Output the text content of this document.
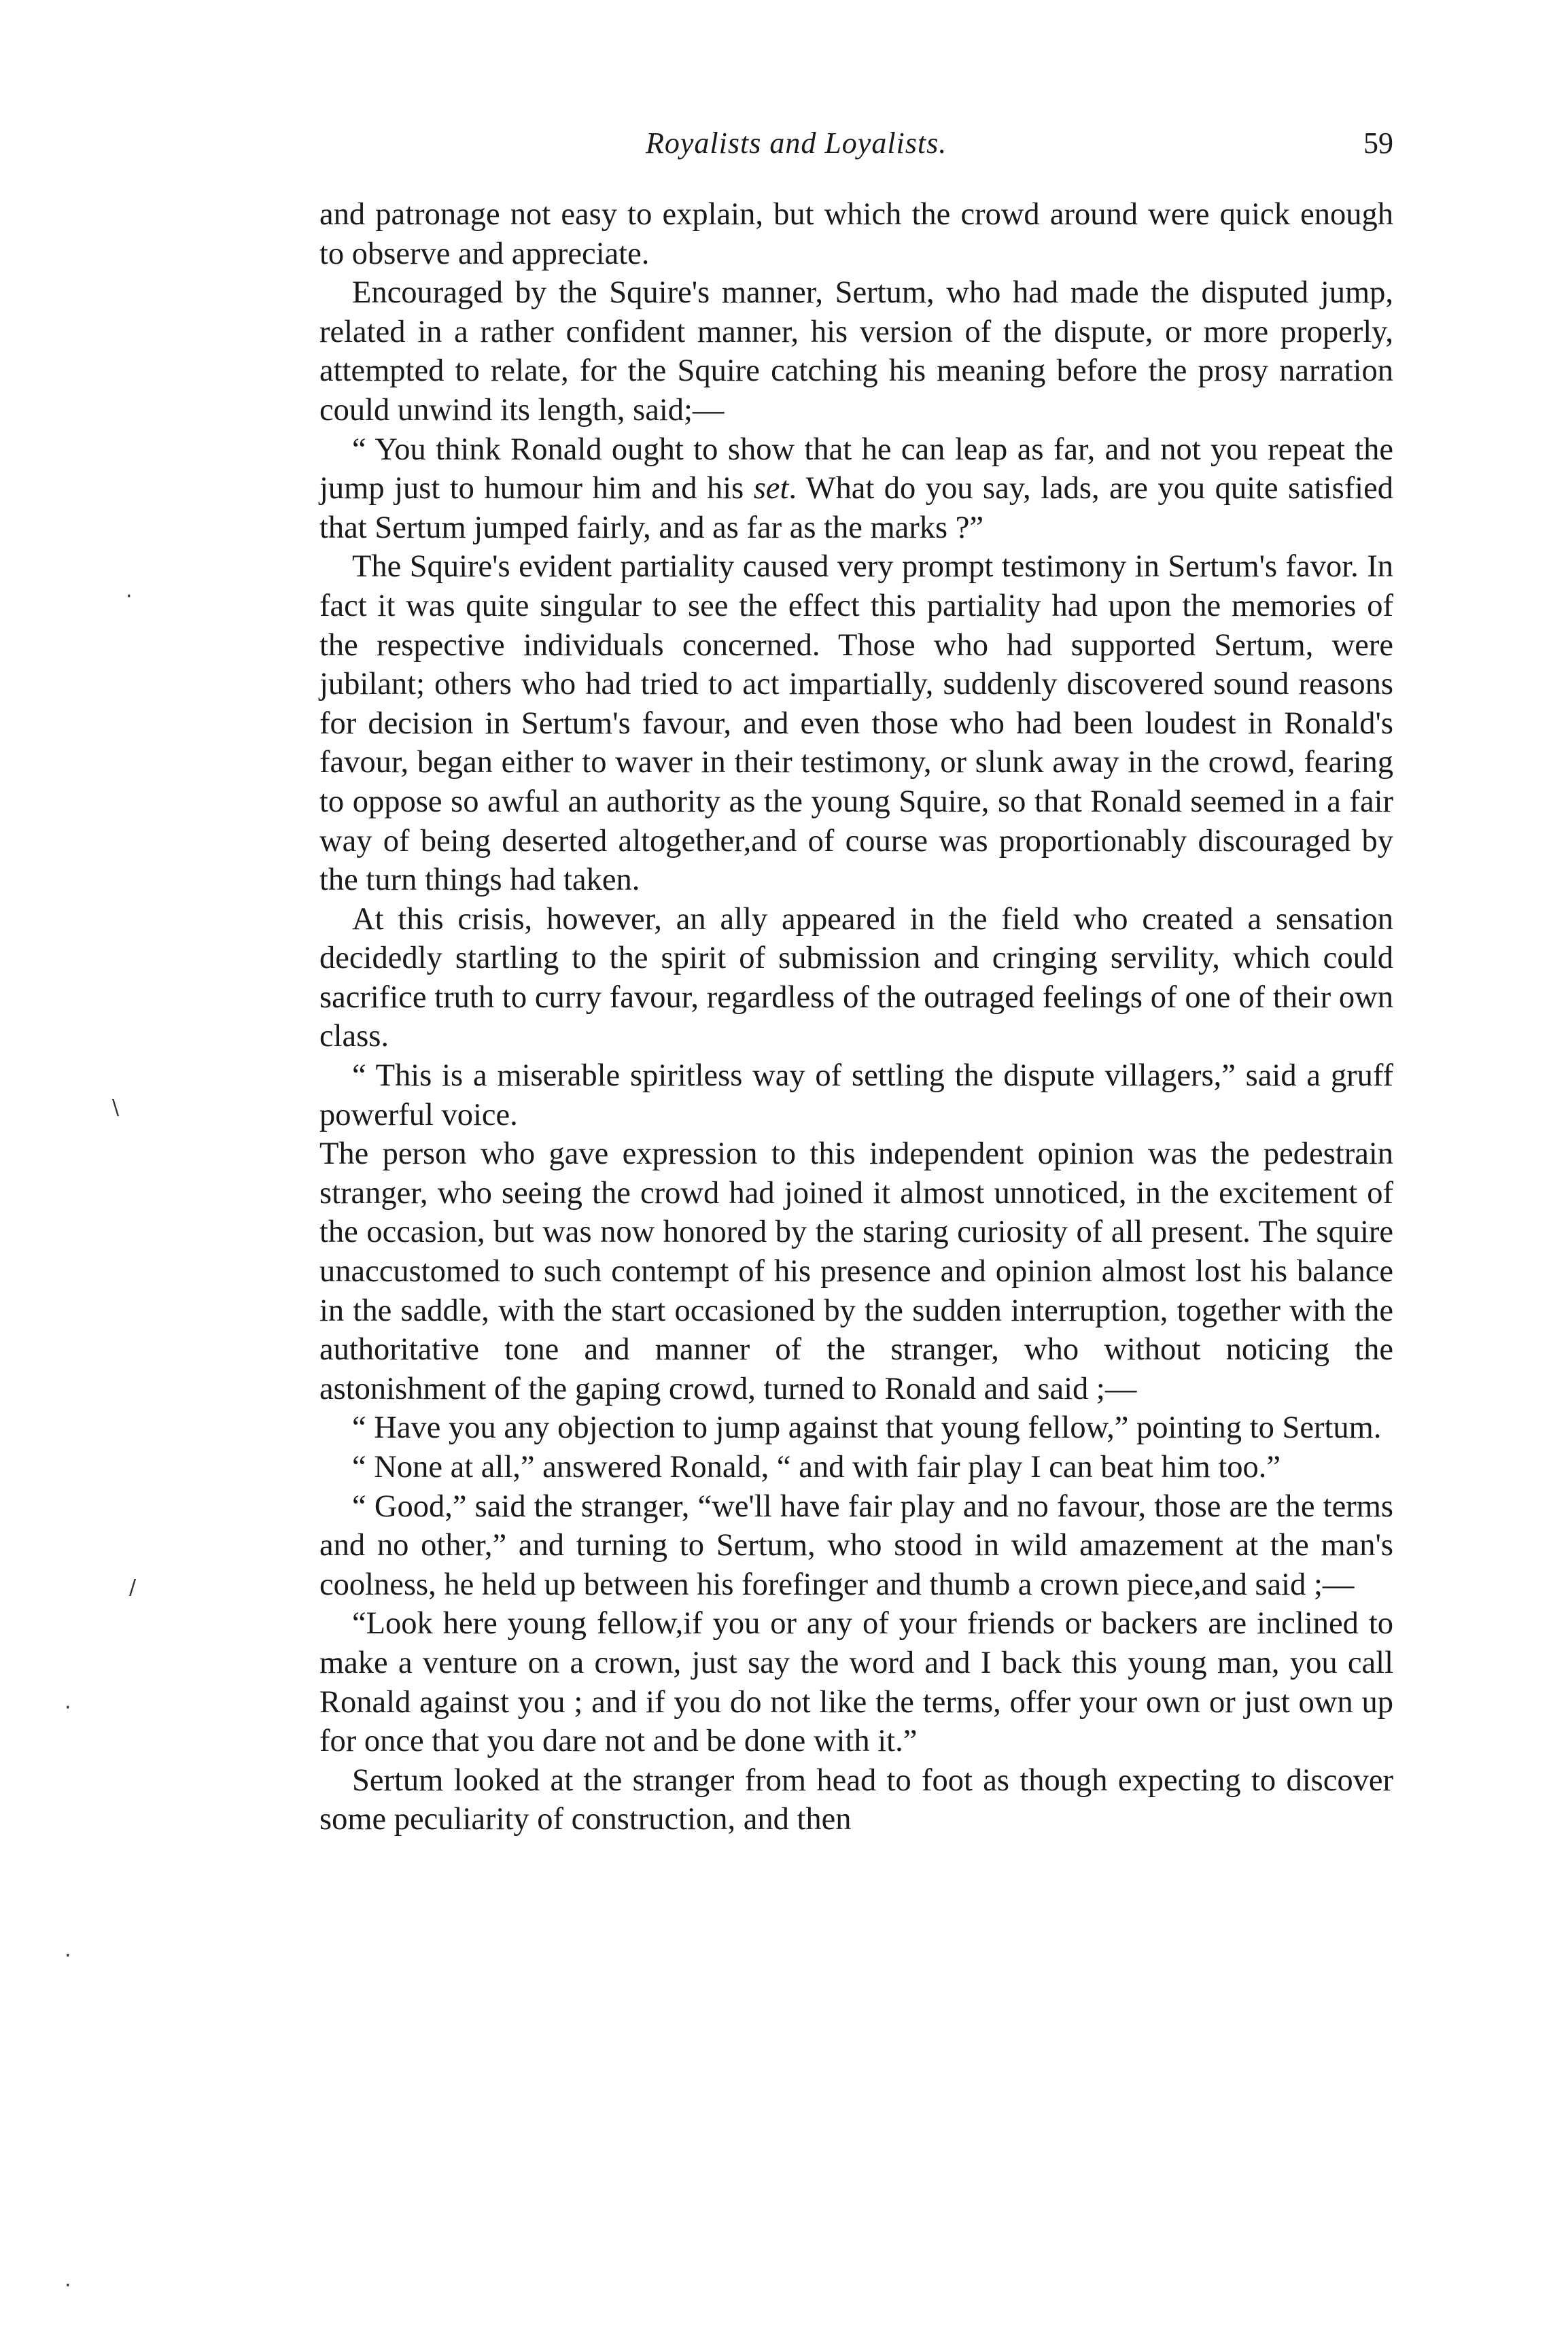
Royalists and Loyalists.	59

and patronage not easy to explain, but which the crowd around were quick enough to observe and appreciate.

Encouraged by the Squire's manner, Sertum, who had made the disputed jump, related in a rather confident manner, his version of the dispute, or more properly, attempted to relate, for the Squire catching his meaning before the prosy narration could unwind its length, said;—

“ You think Ronald ought to show that he can leap as far, and not you repeat the jump just to humour him and his set. What do you say, lads, are you quite satisfied that Sertum jumped fairly, and as far as the marks ?”

The Squire's evident partiality caused very prompt testimony in Sertum's favor. In fact it was quite singular to see the effect this partiality had upon the memories of the respective individuals concerned. Those who had supported Sertum, were jubilant; others who had tried to act impartially, suddenly discovered sound reasons for decision in Sertum's favour, and even those who had been loudest in Ronald's favour, began either to waver in their testimony, or slunk away in the crowd, fearing to oppose so awful an authority as the young Squire, so that Ronald seemed in a fair way of being deserted altogether,and of course was proportionably discouraged by the turn things had taken.

At this crisis, however, an ally appeared in the field who created a sensation decidedly startling to the spirit of submission and cringing servility, which could sacrifice truth to curry favour, regardless of the outraged feelings of one of their own class.

“ This is a miserable spiritless way of settling the dispute villagers,” said a gruff powerful voice.

The person who gave expression to this independent opinion was the pedestrain stranger, who seeing the crowd had joined it almost unnoticed, in the excitement of the occasion, but was now honored by the staring curiosity of all present. The squire unaccustomed to such contempt of his presence and opinion almost lost his balance in the saddle, with the start occasioned by the sudden interruption, together with the authoritative tone and manner of the stranger, who without noticing the astonishment of the gaping crowd, turned to Ronald and said ;—

“ Have you any objection to jump against that young fellow,” pointing to Sertum.

“ None at all,” answered Ronald, “ and with fair play I can beat him too.”

“ Good,” said the stranger, “we'll have fair play and no favour, those are the terms and no other,” and turning to Sertum, who stood in wild amazement at the man's coolness, he held up between his forefinger and thumb a crown piece,and said ;—

“Look here young fellow,if you or any of your friends or backers are inclined to make a venture on a crown, just say the word and I back this young man, you call Ronald against you ; and if you do not like the terms, offer your own or just own up for once that you dare not and be done with it.”

Sertum looked at the stranger from head to foot as though expecting to discover some peculiarity of construction, and then

·
\
/
·
·
·
